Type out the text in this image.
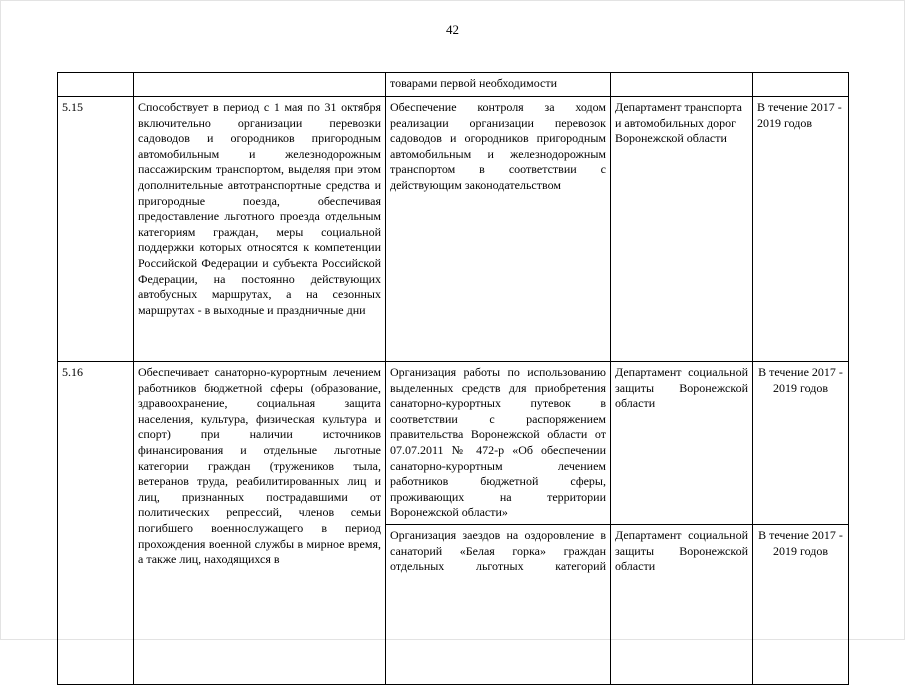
42
		товарами первой необходимости		
5.15	Способствует в период с 1 мая по 31 октября включительно организации перевозки садоводов и огородников пригородным автомобильным и железнодорожным пассажирским транспортом, выделяя при этом дополнительные автотранспортные средства и пригородные поезда, обеспечивая предоставление льготного проезда отдельным категориям граждан, меры социальной поддержки которых относятся к компетенции Российской Федерации и субъекта Российской Федерации, на постоянно действующих автобусных маршрутах, а на сезонных маршрутах - в выходные и праздничные дни	Обеспечение контроля за ходом реализации организации перевозок садоводов и огородников пригородным автомобильным и железнодорожным транспортом в соответствии с действующим законодательством	Департамент транспорта и автомобильных дорог Воронежской области	В течение 2017 - 2019 годов
5.16	Обеспечивает санаторно-курортным лечением работников бюджетной сферы (образование, здравоохранение, социальная защита населения, культура, физическая культура и спорт) при наличии источников финансирования и отдельные льготные категории граждан (тружеников тыла, ветеранов труда, реабилитированных лиц и лиц, признанных пострадавшими от политических репрессий, членов семьи погибшего военнослужащего в период прохождения военной службы в мирное время, а также лиц, находящихся в	Организация работы по использованию выделенных средств для приобретения санаторно-курортных путевок в соответствии с распоряжением правительства Воронежской области от 07.07.2011 № 472-р «Об обеспечении санаторно-курортным лечением работников бюджетной сферы, проживающих на территории Воронежской области»	Департамент социальной защиты Воронежской области	В течение 2017 - 2019 годов
		Организация заездов на оздоровление в санаторий «Белая горка» граждан отдельных льготных категорий	Департамент социальной защиты Воронежской области	В течение 2017 - 2019 годов
